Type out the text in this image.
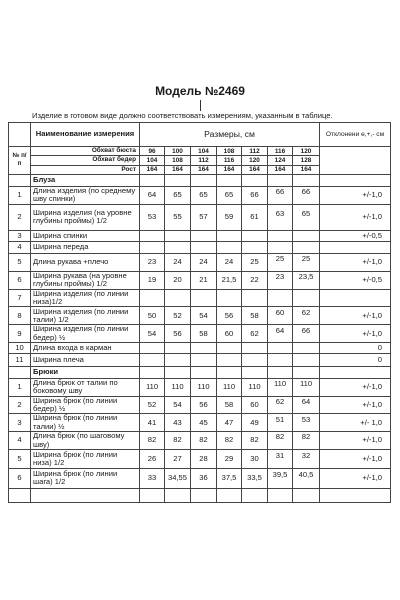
Модель №2469
Изделие в готовом виде должно соответствовать измерениям, указанным в таблице.

	Наименование измерения	Размеры, см							Отклонени е,+,- см

№ п/п	Обхват бюста	96	100	104	108	112	116	120	
	Обхват бедер	104	108	112	116	120	124	128	
	Рост	164	164	164	164	164	164	164	
	Блуза								
1	Длина изделия (по среднему шву спинки)	64	65	65	65	66	66	66	+/-1,0
2	Ширина изделия (на уровне глубины проймы) 1/2	53	55	57	59	61	63	65	+/-1,0
3	Ширина спинки								+/-0,5
4	Ширина переда								
5	Длина рукава +плечо	23	24	24	24	25	25	25	+/-1,0
6	Ширина рукава (на уровне глубины проймы) 1/2	19	20	21	21,5	22	23	23,5	+/-0,5
7	Ширина изделия (по линии низа)1/2								
8	Ширина изделия (по линии талии) 1/2	50	52	54	56	58	60	62	+/-1,0
9	Ширина изделия (по линии бедер) ½	54	56	58	60	62	64	66	+/-1,0
10	Длина входа в карман								0
11	Ширина плеча								0
	Брюки								
1	Длина брюк от талии по боковому шву	110	110	110	110	110	110	110	+/-1,0
2	Ширина брюк (по линии бедер) ½	52	54	56	58	60	62	64	+/-1,0
3	Ширина брюк (по линии талии) ½	41	43	45	47	49	51	53	+/- 1,0
4	Длина брюк (по шаговому шву)	82	82	82	82	82	82	82	+/-1,0
5	Ширина брюк (по линии низа) 1/2	26	27	28	29	30	31	32	+/-1,0
6	Ширина брюк (по линии шага) 1/2	33	34,55	36	37,5	33,5	39,5	40,5	+/-1,0
